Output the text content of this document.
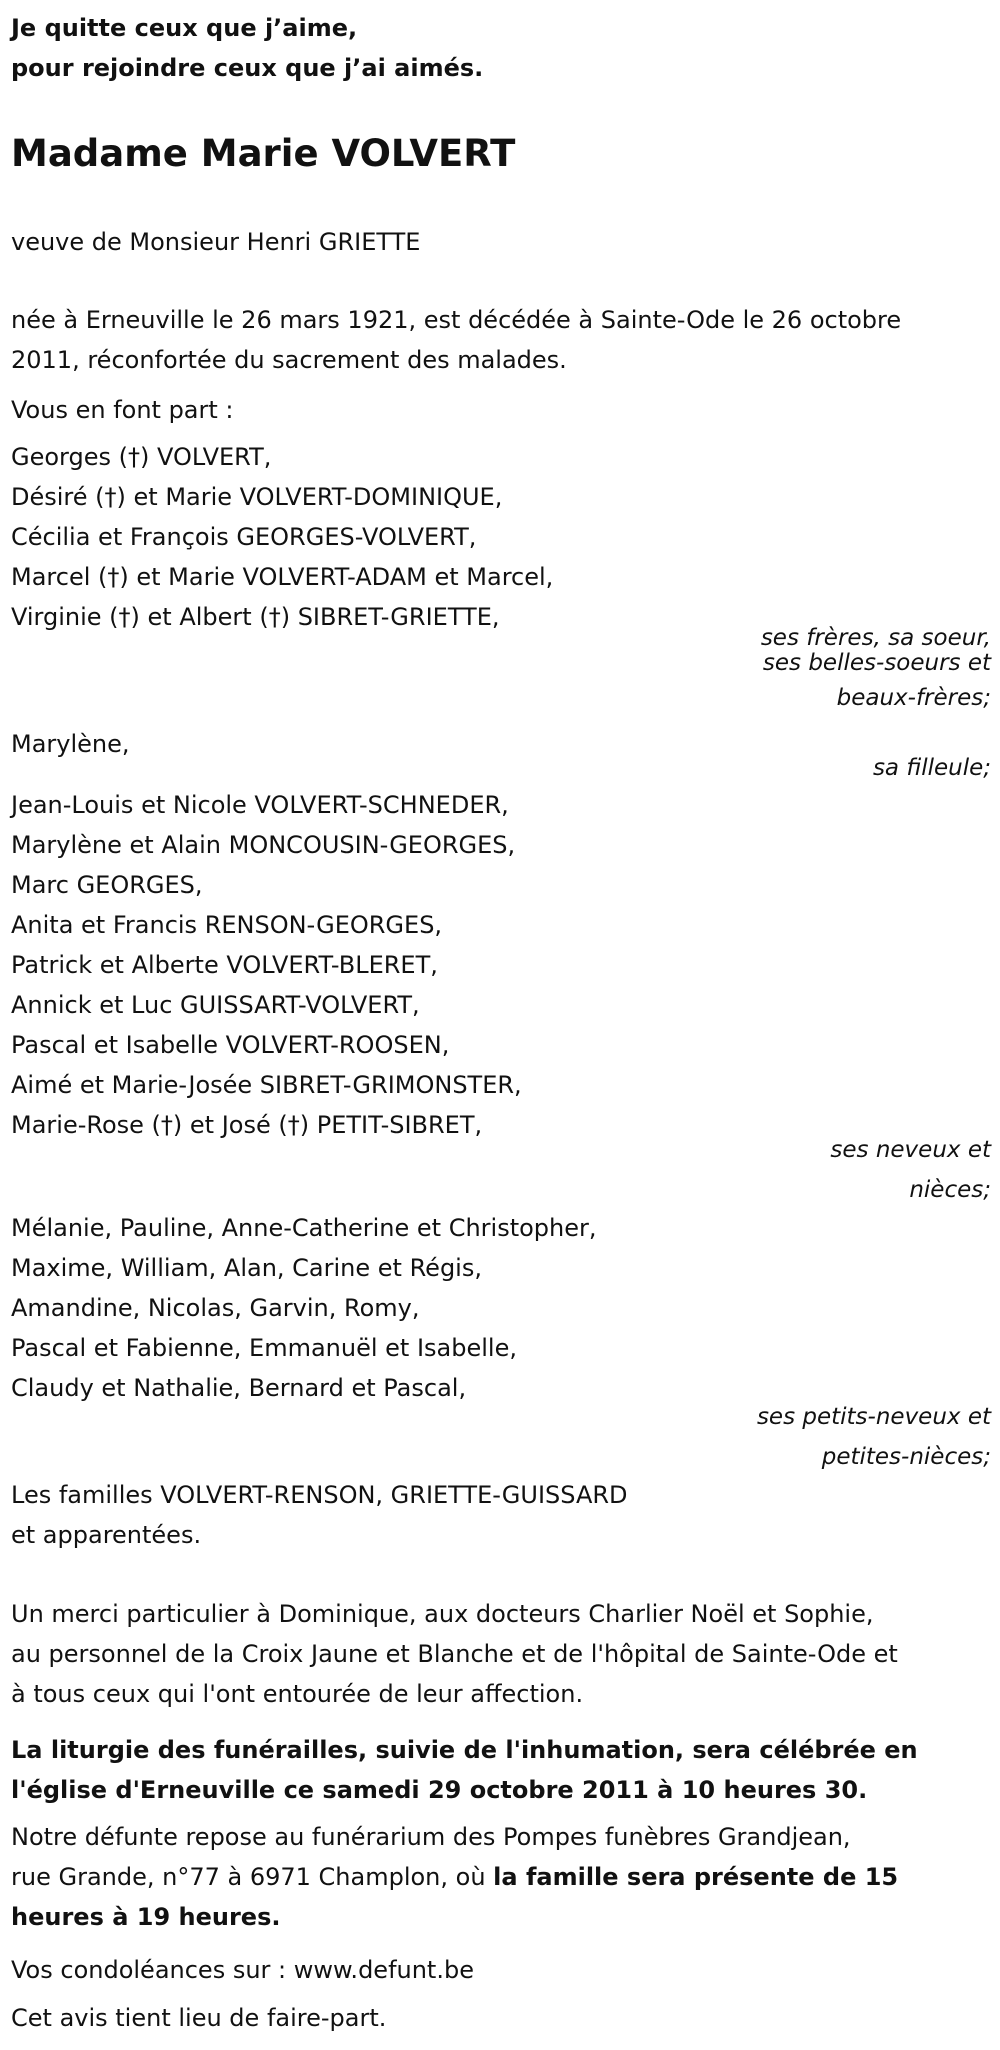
Je quitte ceux que j’aime,
pour rejoindre ceux que j’ai aimés.
Madame Marie VOLVERT
veuve de Monsieur Henri GRIETTE
née à Erneuville le 26 mars 1921, est décédée à Sainte-Ode le 26 octobre
2011, réconfortée du sacrement des malades.
Vous en font part :
Georges (†) VOLVERT,
Désiré (†) et Marie VOLVERT-DOMINIQUE,
Cécilia et François GEORGES-VOLVERT,
Marcel (†) et Marie VOLVERT-ADAM et Marcel,
Virginie (†) et Albert (†) SIBRET-GRIETTE,
ses frères, sa soeur,
ses belles-soeurs et
beaux-frères;
Marylène,
sa filleule;
Jean-Louis et Nicole VOLVERT-SCHNEDER,
Marylène et Alain MONCOUSIN-GEORGES,
Marc GEORGES,
Anita et Francis RENSON-GEORGES,
Patrick et Alberte VOLVERT-BLERET,
Annick et Luc GUISSART-VOLVERT,
Pascal et Isabelle VOLVERT-ROOSEN,
Aimé et Marie-Josée SIBRET-GRIMONSTER,
Marie-Rose (†) et José (†) PETIT-SIBRET,
ses neveux et
nièces;
Mélanie, Pauline, Anne-Catherine et Christopher,
Maxime, William, Alan, Carine et Régis,
Amandine, Nicolas, Garvin, Romy,
Pascal et Fabienne, Emmanuël et Isabelle,
Claudy et Nathalie, Bernard et Pascal,
ses petits-neveux et
petites-nièces;
Les familles VOLVERT-RENSON, GRIETTE-GUISSARD
et apparentées.
Un merci particulier à Dominique, aux docteurs Charlier Noël et Sophie,
au personnel de la Croix Jaune et Blanche et de l'hôpital de Sainte-Ode et
à tous ceux qui l'ont entourée de leur affection.
La liturgie des funérailles, suivie de l'inhumation, sera célébrée en
l'église d'Erneuville ce samedi 29 octobre 2011 à 10 heures 30.
Notre défunte repose au funérarium des Pompes funèbres Grandjean,
rue Grande, n°77 à 6971 Champlon, où la famille sera présente de 15
heures à 19 heures.
Vos condoléances sur : www.defunt.be
Cet avis tient lieu de faire-part.
